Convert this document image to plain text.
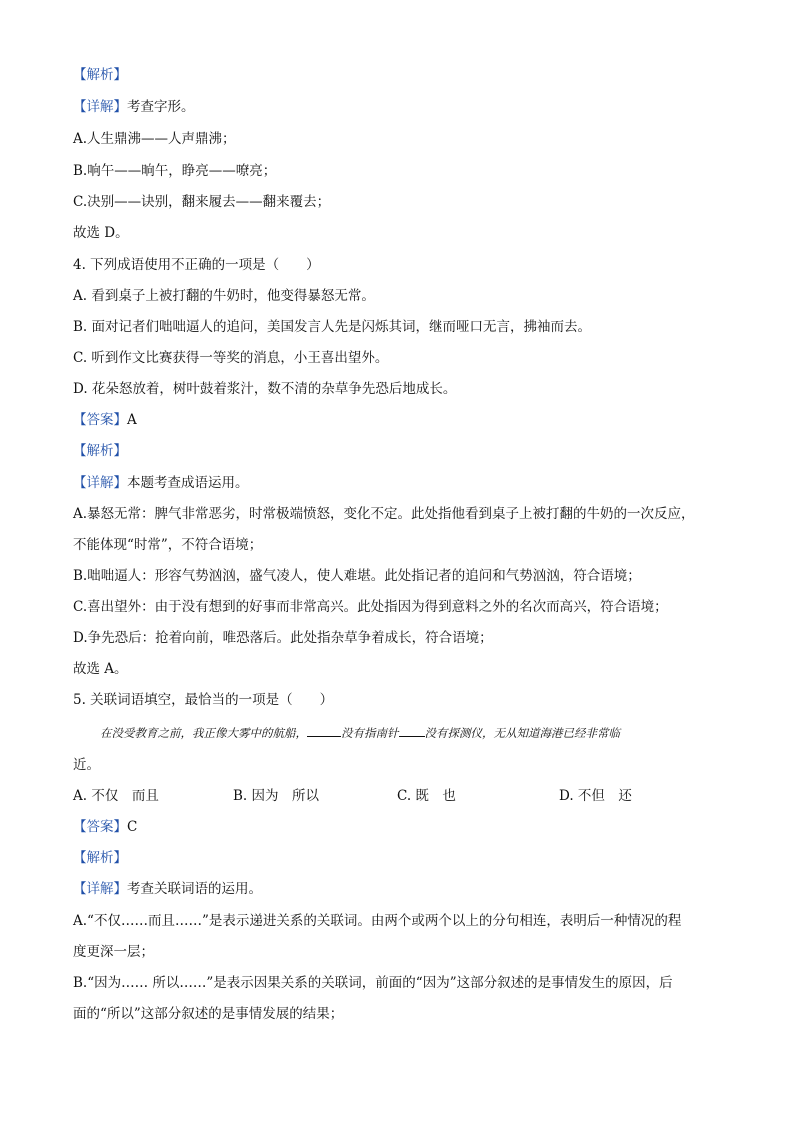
【解析】
【详解】考查字形。
A.人生鼎沸——人声鼎沸；
B.响午——晌午，睁亮——嘹亮；
C.决别——诀别，翻来履去——翻来覆去；
故选 D。
4. 下列成语使用不正确的一项是（　　）
A. 看到桌子上被打翻的牛奶时，他变得暴怒无常。
B. 面对记者们咄咄逼人的追问，美国发言人先是闪烁其词，继而哑口无言，拂袖而去。
C. 听到作文比赛获得一等奖的消息，小王喜出望外。
D. 花朵怒放着，树叶鼓着浆汁，数不清的杂草争先恐后地成长。
【答案】A
【解析】
【详解】本题考查成语运用。
A.暴怒无常：脾气非常恶劣，时常极端愤怒，变化不定。此处指他看到桌子上被打翻的牛奶的一次反应，
不能体现“时常”，不符合语境；
B.咄咄逼人：形容气势汹汹，盛气凌人，使人难堪。此处指记者的追问和气势汹汹，符合语境；
C.喜出望外：由于没有想到的好事而非常高兴。此处指因为得到意料之外的名次而高兴，符合语境；
D.争先恐后：抢着向前，唯恐落后。此处指杂草争着成长，符合语境；
故选 A。
5. 关联词语填空，最恰当的一项是（　　）
在没受教育之前，我正像大雾中的航船，	没有指南针 没有探测仪，无从知道海港已经非常临
近。
A. 不仅　而且	B. 因为　所以	C. 既　也	D. 不但　还
【答案】C
【解析】
【详解】考查关联词语的运用。
A.“不仅……而且……”是表示递进关系的关联词。由两个或两个以上的分句相连，表明后一种情况的程
度更深一层；
B.“因为…… 所以……”是表示因果关系的关联词，前面的“因为”这部分叙述的是事情发生的原因，后
面的“所以”这部分叙述的是事情发展的结果；
